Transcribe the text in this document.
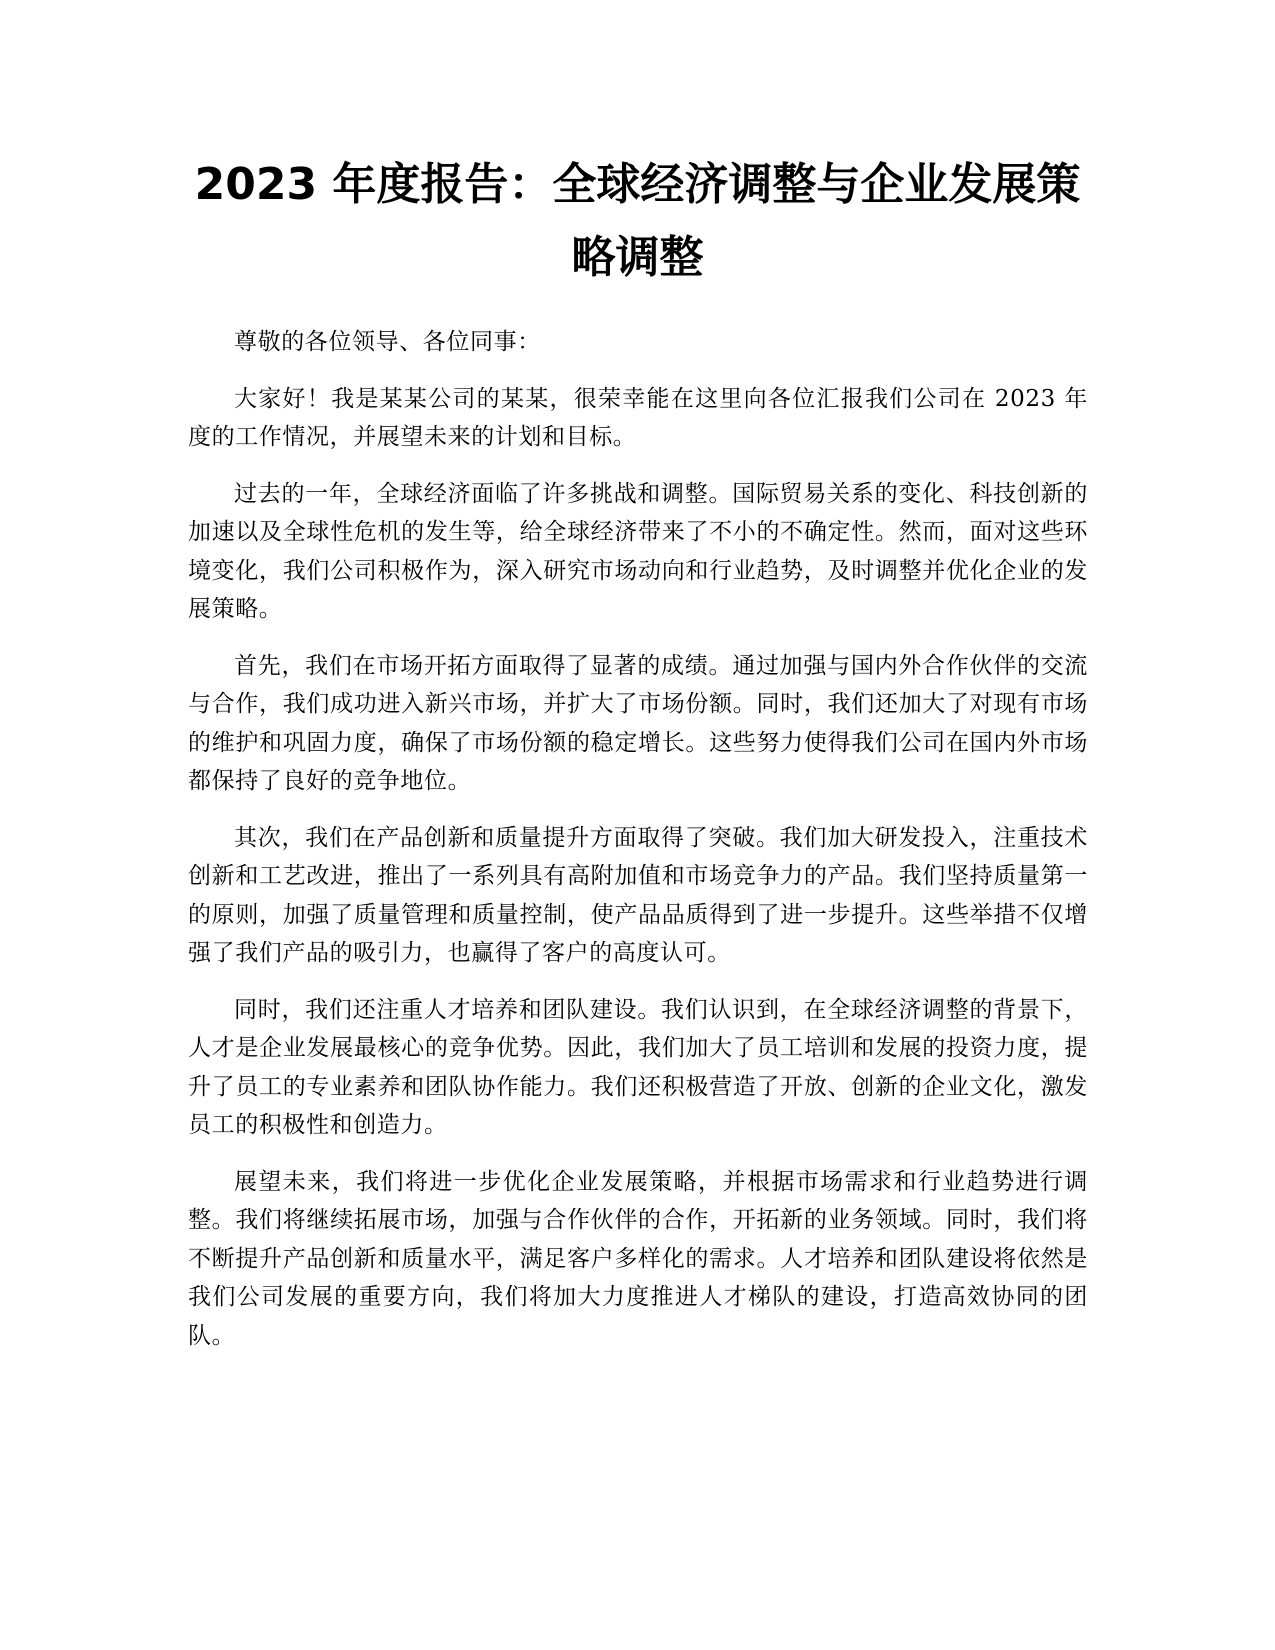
2023 年度报告：全球经济调整与企业发展策略调整

尊敬的各位领导、各位同事：

大家好！我是某某公司的某某，很荣幸能在这里向各位汇报我们公司在 2023 年度的工作情况，并展望未来的计划和目标。

过去的一年，全球经济面临了许多挑战和调整。国际贸易关系的变化、科技创新的加速以及全球性危机的发生等，给全球经济带来了不小的不确定性。然而，面对这些环境变化，我们公司积极作为，深入研究市场动向和行业趋势，及时调整并优化企业的发展策略。

首先，我们在市场开拓方面取得了显著的成绩。通过加强与国内外合作伙伴的交流与合作，我们成功进入新兴市场，并扩大了市场份额。同时，我们还加大了对现有市场的维护和巩固力度，确保了市场份额的稳定增长。这些努力使得我们公司在国内外市场都保持了良好的竞争地位。

其次，我们在产品创新和质量提升方面取得了突破。我们加大研发投入，注重技术创新和工艺改进，推出了一系列具有高附加值和市场竞争力的产品。我们坚持质量第一的原则，加强了质量管理和质量控制，使产品品质得到了进一步提升。这些举措不仅增强了我们产品的吸引力，也赢得了客户的高度认可。

同时，我们还注重人才培养和团队建设。我们认识到，在全球经济调整的背景下，人才是企业发展最核心的竞争优势。因此，我们加大了员工培训和发展的投资力度，提升了员工的专业素养和团队协作能力。我们还积极营造了开放、创新的企业文化，激发员工的积极性和创造力。

展望未来，我们将进一步优化企业发展策略，并根据市场需求和行业趋势进行调整。我们将继续拓展市场，加强与合作伙伴的合作，开拓新的业务领域。同时，我们将不断提升产品创新和质量水平，满足客户多样化的需求。人才培养和团队建设将依然是我们公司发展的重要方向，我们将加大力度推进人才梯队的建设，打造高效协同的团队。
